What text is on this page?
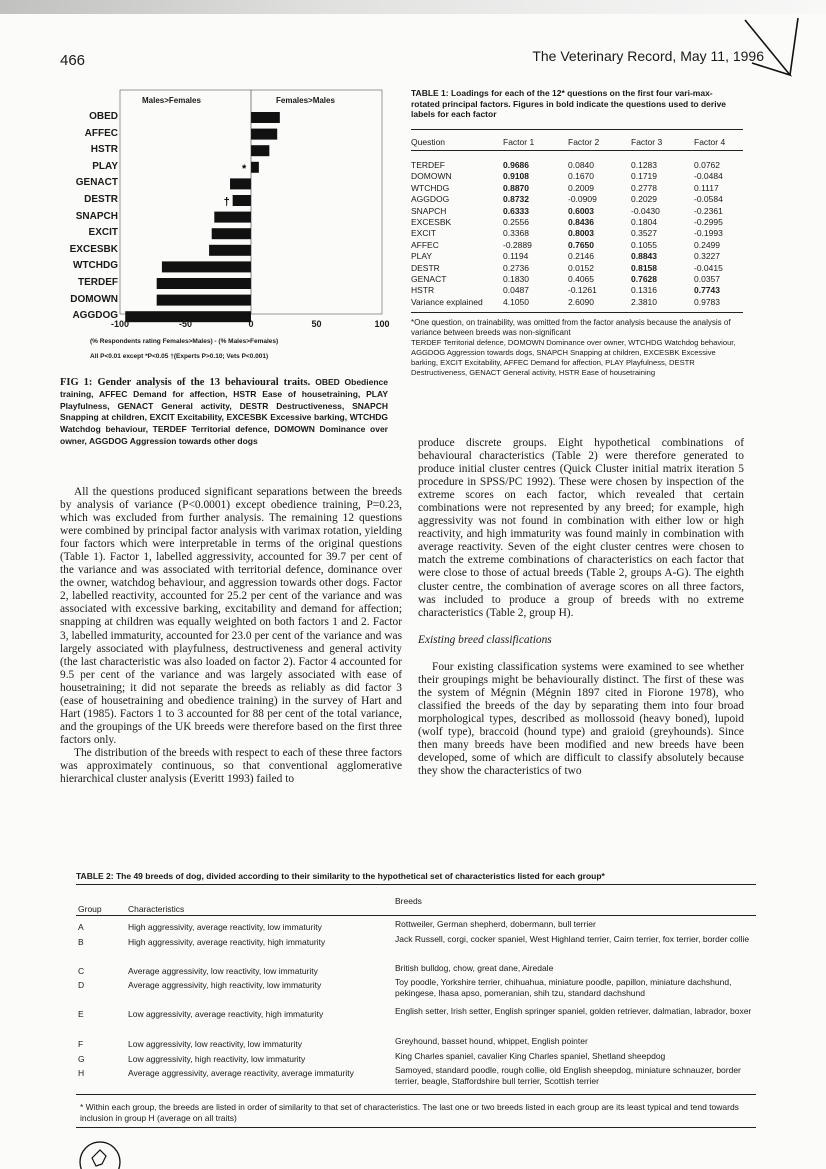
466	The Veterinary Record, May 11, 1996
Males>Females	Females>Males
OBED
AFFEC
HSTR
PLAY
GENACT
DESTR
SNAPCH
EXCIT
EXCESBK
WTCHDG
TERDEF
DOMOWN
AGGDOG
*
†
-100	-50	0	50	100
(% Respondents rating Females>Males) - (% Males>Females)
All P<0.01 except *P<0.05 †(Experts P>0.10; Vets P<0.001)
FIG 1: Gender analysis of the 13 behavioural traits. OBED Obedience training, AFFEC Demand for affection, HSTR Ease of housetraining, PLAY Playfulness, GENACT General activity, DESTR Destructiveness, SNAPCH Snapping at children, EXCIT Excitability, EXCESBK Excessive barking, WTCHDG Watchdog behaviour, TERDEF Territorial defence, DOMOWN Dominance over owner, AGGDOG Aggression towards other dogs
TABLE 1: Loadings for each of the 12* questions on the first four vari-max-rotated principal factors. Figures in bold indicate the questions used to derive labels for each factor
Question	Factor 1	Factor 2	Factor 3	Factor 4
TERDEF	0.9686	0.0840	0.1283	0.0762
DOMOWN	0.9108	0.1670	0.1719	-0.0484
WTCHDG	0.8870	0.2009	0.2778	0.1117
AGGDOG	0.8732	-0.0909	0.2029	-0.0584
SNAPCH	0.6333	0.6003	-0.0430	-0.2361
EXCESBK	0.2556	0.8436	0.1804	-0.2995
EXCIT	0.3368	0.8003	0.3527	-0.1993
AFFEC	-0.2889	0.7650	0.1055	0.2499
PLAY	0.1194	0.2146	0.8843	0.3227
DESTR	0.2736	0.0152	0.8158	-0.0415
GENACT	0.1830	0.4065	0.7628	0.0357
HSTR	0.0487	-0.1261	0.1316	0.7743
Variance explained 4.1050	2.6090	2.3810	0.9783
*One question, on trainability, was omitted from the factor analysis because the analysis of variance between breeds was non-significant
TERDEF Territorial defence, DOMOWN Dominance over owner, WTCHDG Watchdog behaviour, AGGDOG Aggression towards dogs, SNAPCH Snapping at children, EXCESBK Excessive barking, EXCIT Excitability, AFFEC Demand for affection, PLAY Playfulness, DESTR Destructiveness, GENACT General activity, HSTR Ease of housetraining

All the questions produced significant separations between the breeds by analysis of variance (P<0.0001) except obedience training, P=0.23, which was excluded from further analysis. The remaining 12 questions were combined by principal factor analysis with varimax rotation, yielding four factors which were interpretable in terms of the original questions (Table 1). Factor 1, labelled aggressivity, accounted for 39.7 per cent of the variance and was associated with territorial defence, dominance over the owner, watchdog behaviour, and aggression towards other dogs. Factor 2, labelled reactivity, accounted for 25.2 per cent of the variance and was associated with excessive barking, excitability and demand for affection; snapping at children was equally weighted on both factors 1 and 2. Factor 3, labelled immaturity, accounted for 23.0 per cent of the variance and was largely associated with playfulness, destructiveness and general activity (the last characteristic was also loaded on factor 2). Factor 4 accounted for 9.5 per cent of the variance and was largely associated with ease of housetraining; it did not separate the breeds as reliably as did factor 3 (ease of housetraining and obedience training) in the survey of Hart and Hart (1985). Factors 1 to 3 accounted for 88 per cent of the total variance, and the groupings of the UK breeds were therefore based on the first three factors only.

The distribution of the breeds with respect to each of these three factors was approximately continuous, so that conventional agglomerative hierarchical cluster analysis (Everitt 1993) failed to

produce discrete groups. Eight hypothetical combinations of behavioural characteristics (Table 2) were therefore generated to produce initial cluster centres (Quick Cluster initial matrix iteration 5 procedure in SPSS/PC 1992). These were chosen by inspection of the extreme scores on each factor, which revealed that certain combinations were not represented by any breed; for example, high aggressivity was not found in combination with either low or high reactivity, and high immaturity was found mainly in combination with average reactivity. Seven of the eight cluster centres were chosen to match the extreme combinations of characteristics on each factor that were close to those of actual breeds (Table 2, groups A-G). The eighth cluster centre, the combination of average scores on all three factors, was included to produce a group of breeds with no extreme characteristics (Table 2, group H).

Existing breed classifications

Four existing classification systems were examined to see whether their groupings might be behaviourally distinct. The first of these was the system of Mégnin (Mégnin 1897 cited in Fiorone 1978), who classified the breeds of the day by separating them into four broad morphological types, described as mollossoid (heavy boned), lupoid (wolf type), braccoid (hound type) and graioid (greyhounds). Since then many breeds have been modified and new breeds have been developed, some of which are difficult to classify absolutely because they show the characteristics of two

TABLE 2: The 49 breeds of dog, divided according to their similarity to the hypothetical set of characteristics listed for each group*
Group	Characteristics
Breeds
A	High aggressivity, average reactivity, low immaturity	Rottweiler, German shepherd, dobermann, bull terrier
B	High aggressivity, average reactivity, high immaturity	Jack Russell, corgi, cocker spaniel, West Highland terrier, Cairn terrier, fox terrier, border collie
C	Average aggressivity, low reactivity, low immaturity	British bulldog, chow, great dane, Airedale
D	Average aggressivity, high reactivity, low immaturity	Toy poodle, Yorkshire terrier, chihuahua, miniature poodle, papillon, miniature dachshund, pekingese, lhasa apso, pomeranian, shih tzu, standard dachshund
E	Low aggressivity, average reactivity, high immaturity	English setter, Irish setter, English springer spaniel, golden retriever, dalmatian, labrador, boxer
F	Low aggressivity, low reactivity, low immaturity	Greyhound, basset hound, whippet, English pointer
G	Low aggressivity, high reactivity, low immaturity	King Charles spaniel, cavalier King Charles spaniel, Shetland sheepdog
H	Average aggressivity, average reactivity, average immaturity	Samoyed, standard poodle, rough collie, old English sheepdog, miniature schnauzer, border terrier, beagle, Staffordshire bull terrier, Scottish terrier
* Within each group, the breeds are listed in order of similarity to that set of characteristics. The last one or two breeds listed in each group are its least typical and tend towards inclusion in group H (average on all traits)
